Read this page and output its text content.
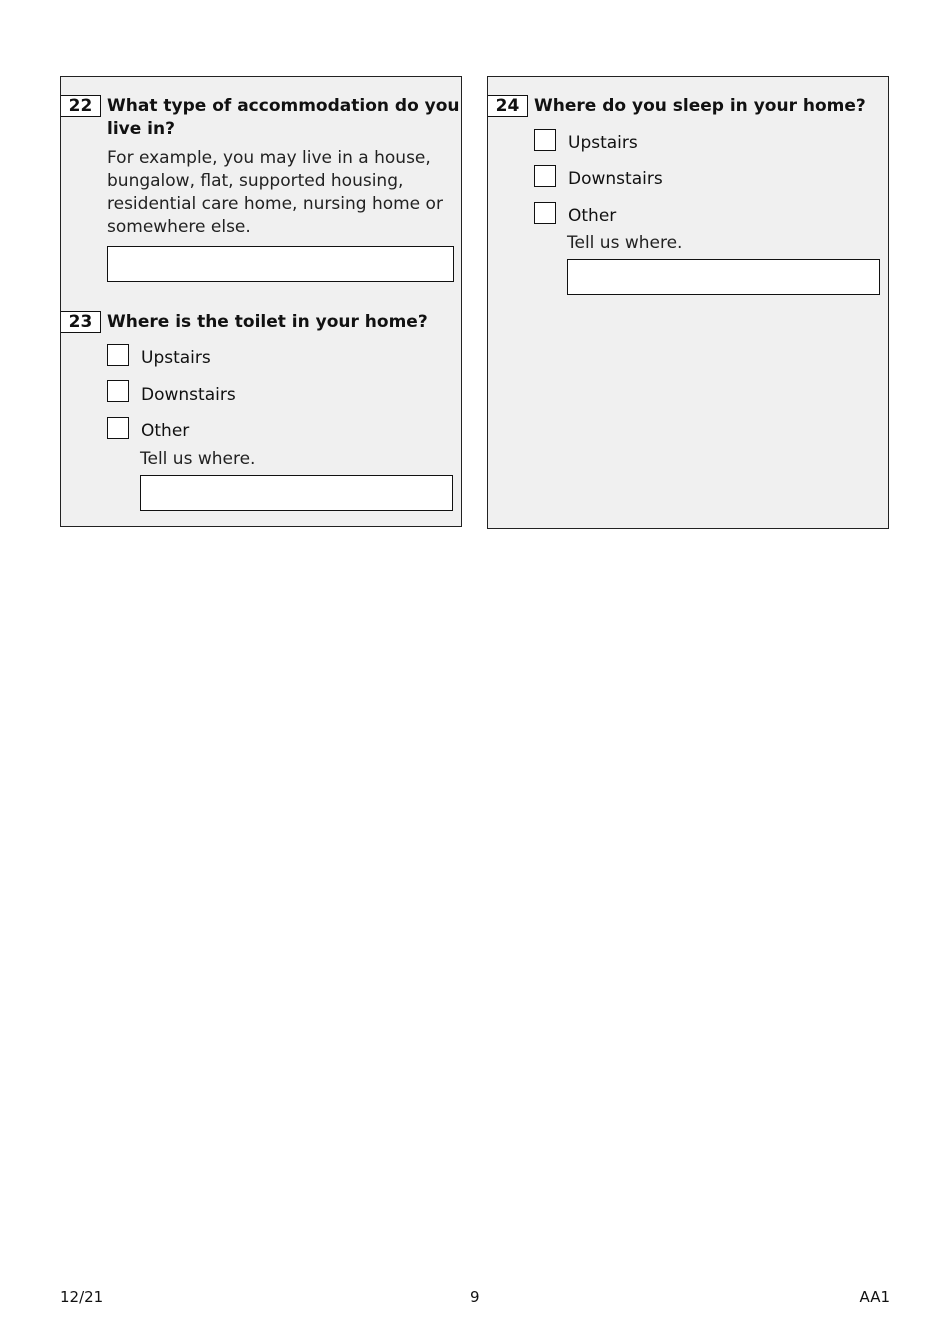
22 What type of accommodation do you
live in?
For example, you may live in a house,
bungalow, flat, supported housing,
residential care home, nursing home or
somewhere else.
23 Where is the toilet in your home?
Upstairs
Downstairs
Other
Tell us where.
24 Where do you sleep in your home?
Upstairs
Downstairs
Other
Tell us where.
12/21	9	AA1
